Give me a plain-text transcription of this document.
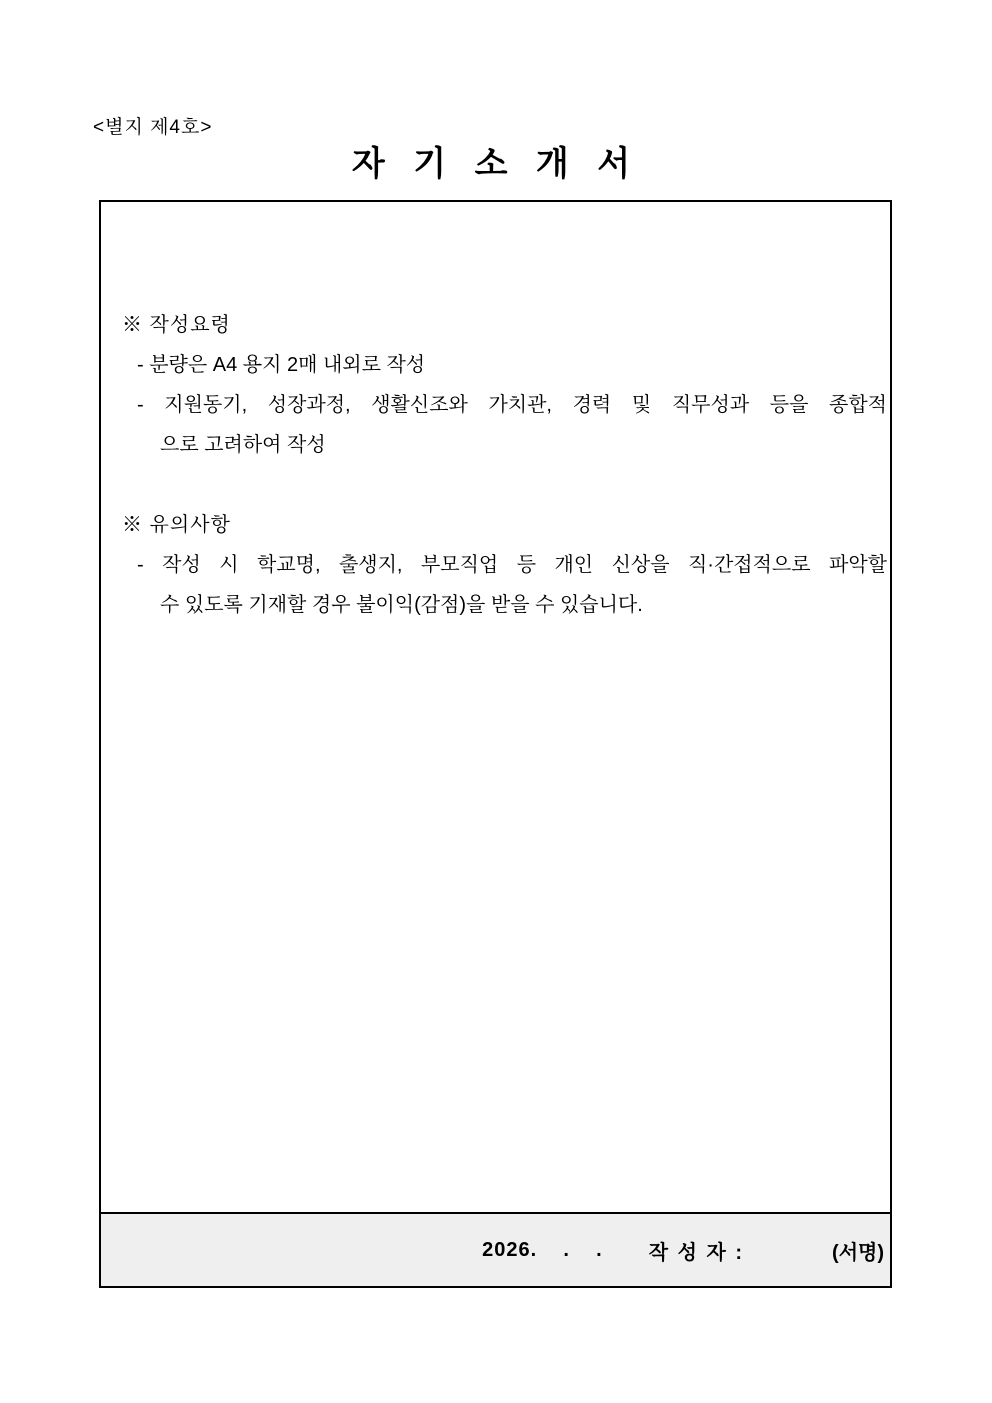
<별지 제4호>
자 기 소 개 서
※ 작성요령
- 분량은 A4 용지 2매 내외로 작성
- 지원동기, 성장과정, 생활신조와 가치관, 경력 및 직무성과 등을 종합적
으로 고려하여 작성
※ 유의사항
- 작성 시 학교명, 출생지, 부모직업 등 개인 신상을 직·간접적으로 파악할
수 있도록 기재할 경우 불이익(감점)을 받을 수 있습니다.
2026.    .    . 작 성 자 :	(서명)
